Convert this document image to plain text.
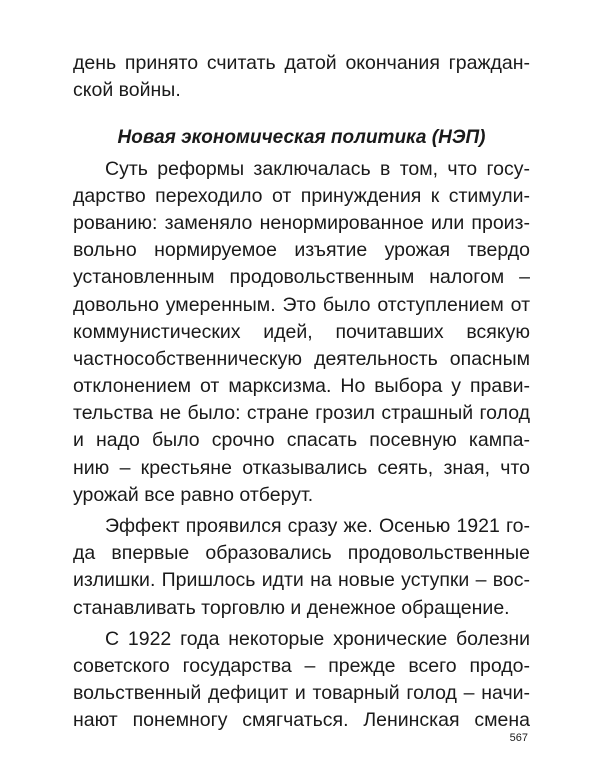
день принято считать датой окончания граждан-
ской войны.
Новая экономическая политика (НЭП)
Суть реформы заключалась в том, что госу-
дарство переходило от принуждения к стимули-
рованию: заменяло ненормированное или произ-
вольно нормируемое изъятие урожая твердо
установленным продовольственным налогом –
довольно умеренным. Это было отступлением от
коммунистических идей, почитавших всякую
частнособственническую деятельность опасным
отклонением от марксизма. Но выбора у прави-
тельства не было: стране грозил страшный голод
и надо было срочно спасать посевную кампа-
нию – крестьяне отказывались сеять, зная, что
урожай все равно отберут.
Эффект проявился сразу же. Осенью 1921 го-
да впервые образовались продовольственные
излишки. Пришлось идти на новые уступки – вос-
станавливать торговлю и денежное обращение.
С 1922 года некоторые хронические болезни
советского государства – прежде всего продо-
вольственный дефицит и товарный голод – начи-
нают понемногу смягчаться. Ленинская смена
567
